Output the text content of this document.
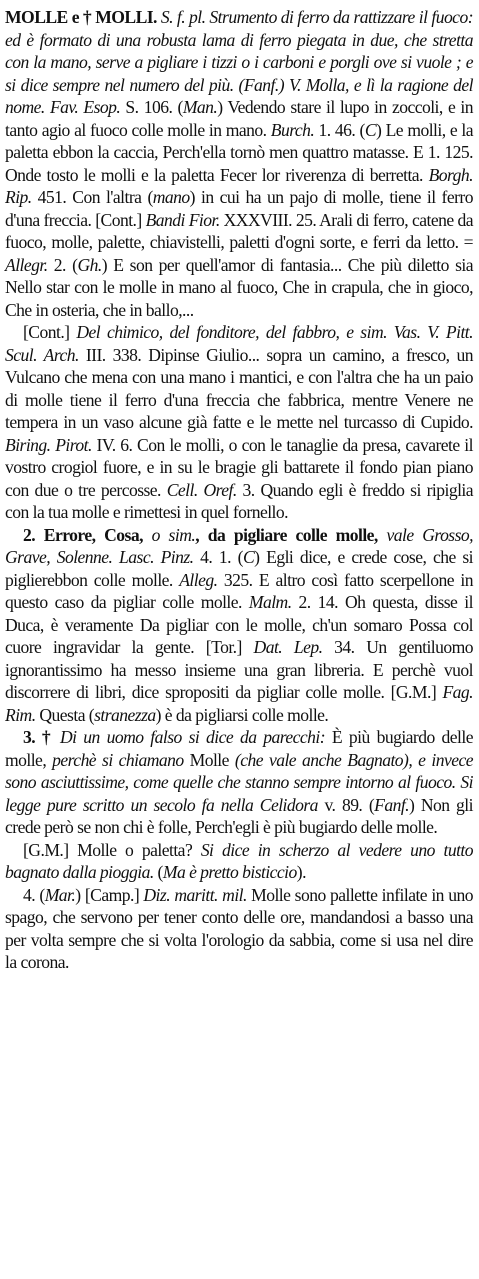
MOLLE e † MOLLI. S. f. pl. Strumento di ferro da rattizzare il fuoco: ed è formato di una robusta lama di ferro piegata in due, che stretta con la mano, serve a pigliare i tizzi o i carboni e porgli ove si vuole ; e si dice sempre nel numero del più. (Fanf.) V. Molla, e lì la ragione del nome. Fav. Esop. S. 106. (Man.) Vedendo stare il lupo in zoccoli, e in tanto agio al fuoco colle molle in mano. Burch. 1. 46. (C) Le molli, e la paletta ebbon la caccia, Perch'ella tornò men quattro matasse. E 1. 125. Onde tosto le molli e la paletta Fecer lor riverenza di berretta. Borgh. Rip. 451. Con l'altra (mano) in cui ha un pajo di molle, tiene il ferro d'una freccia. [Cont.] Bandi Fior. XXXVIII. 25. Arali di ferro, catene da fuoco, molle, palette, chiavistelli, paletti d'ogni sorte, e ferri da letto. = Allegr. 2. (Gh.) E son per quell'amor di fantasia... Che più diletto sia Nello star con le molle in mano al fuoco, Che in crapula, che in gioco, Che in osteria, che in ballo,...

[Cont.] Del chimico, del fonditore, del fabbro, e sim. Vas. V. Pitt. Scul. Arch. III. 338. Dipinse Giulio... sopra un camino, a fresco, un Vulcano che mena con una mano i mantici, e con l'altra che ha un paio di molle tiene il ferro d'una freccia che fabbrica, mentre Venere ne tempera in un vaso alcune già fatte e le mette nel turcasso di Cupido. Biring. Pirot. IV. 6. Con le molli, o con le tanaglie da presa, cavarete il vostro crogiol fuore, e in su le bragie gli battarete il fondo pian piano con due o tre percosse. Cell. Oref. 3. Quando egli è freddo si ripiglia con la tua molle e rimettesi in quel fornello.

2. Errore, Cosa, o sim., da pigliare colle molle, vale Grosso, Grave, Solenne. Lasc. Pinz. 4. 1. (C) Egli dice, e crede cose, che si piglierebbon colle molle. Alleg. 325. E altro così fatto scerpellone in questo caso da pigliar colle molle. Malm. 2. 14. Oh questa, disse il Duca, è veramente Da pigliar con le molle, ch'un somaro Possa col cuore ingravidar la gente. [Tor.] Dat. Lep. 34. Un gentiluomo ignorantissimo ha messo insieme una gran libreria. E perchè vuol discorrere di libri, dice spropositi da pigliar colle molle. [G.M.] Fag. Rim. Questa (stranezza) è da pigliarsi colle molle.

3. † Di un uomo falso si dice da parecchi: È più bugiardo delle molle, perchè si chiamano Molle (che vale anche Bagnato), e invece sono asciuttissime, come quelle che stanno sempre intorno al fuoco. Si legge pure scritto un secolo fa nella Celidora v. 89. (Fanf.) Non gli crede però se non chi è folle, Perch'egli è più bugiardo delle molle.

[G.M.] Molle o paletta? Si dice in scherzo al vedere uno tutto bagnato dalla pioggia. (Ma è pretto bisticcio).

4. (Mar.) [Camp.] Diz. maritt. mil. Molle sono pallette infilate in uno spago, che servono per tener conto delle ore, mandandosi a basso una per volta sempre che si volta l'orologio da sabbia, come si usa nel dire la corona.
